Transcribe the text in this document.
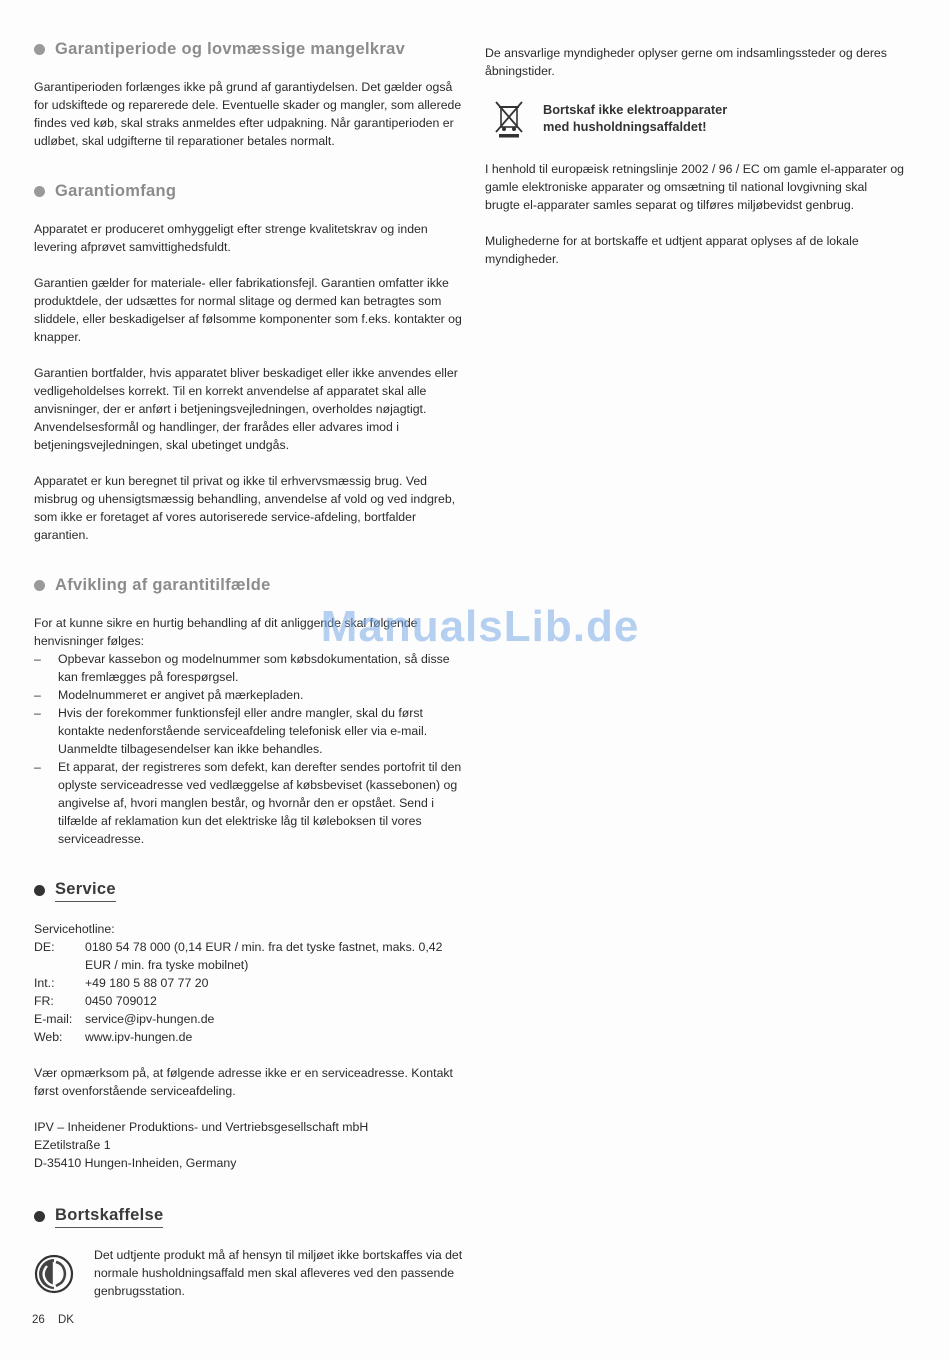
Garantiperiode og lovmæssige mangelkrav

Garantiperioden forlænges ikke på grund af garantiydelsen. Det gælder også for udskiftede og reparerede dele. Eventuelle skader og mangler, som allerede findes ved køb, skal straks anmeldes efter udpakning. Når garantiperioden er udløbet, skal udgifterne til reparationer betales normalt.

Garantiomfang

Apparatet er produceret omhyggeligt efter strenge kvalitetskrav og inden levering afprøvet samvittighedsfuldt.

Garantien gælder for materiale- eller fabrikationsfejl. Garantien omfatter ikke produktdele, der udsættes for normal slitage og dermed kan betragtes som sliddele, eller beskadigelser af følsomme komponenter som f.eks. kontakter og knapper.

Garantien bortfalder, hvis apparatet bliver beskadiget eller ikke anvendes eller vedligeholdelses korrekt. Til en korrekt anvendelse af apparatet skal alle anvisninger, der er anført i betjeningsvejledningen, overholdes nøjagtigt. Anvendelsesformål og handlinger, der frarådes eller advares imod i betjeningsvejledningen, skal ubetinget undgås.

Apparatet er kun beregnet til privat og ikke til erhvervsmæssig brug. Ved misbrug og uhensigtsmæssig behandling, anvendelse af vold og ved indgreb, som ikke er foretaget af vores autoriserede service-afdeling, bortfalder garantien.

Afvikling af garantitilfælde
For at kunne sikre en hurtig behandling af dit anliggende skal følgende henvisninger følges:
– Opbevar kassebon og modelnummer som købsdokumentation, så disse kan fremlægges på forespørgsel.
– Modelnummeret er angivet på mærkepladen.
– Hvis der forekommer funktionsfejl eller andre mangler, skal du først kontakte nedenforstående serviceafdeling telefonisk eller via e-mail. Uanmeldte tilbagesendelser kan ikke behandles.
– Et apparat, der registreres som defekt, kan derefter sendes portofrit til den oplyste serviceadresse ved vedlæggelse af købsbeviset (kassebonen) og angivelse af, hvori manglen består, og hvornår den er opstået. Send i tilfælde af reklamation kun det elektriske låg til køleboksen til vores serviceadresse.
Service
Servicehotline:
DE:	0180 54 78 000 (0,14 EUR / min. fra det tyske fastnet, maks. 0,42 EUR / min. fra tyske mobilnet)
Int.:	+49 180 5 88 07 77 20
FR:	0450 709012
E-mail:	service@ipv-hungen.de
Web:	www.ipv-hungen.de

Vær opmærksom på, at følgende adresse ikke er en serviceadresse. Kontakt først ovenforstående serviceafdeling.

IPV – Inheidener Produktions- und Vertriebsgesellschaft mbH
EZetilstraße 1
D-35410 Hungen-Inheiden, Germany
Bortskaffelse
Det udtjente produkt må af hensyn til miljøet ikke bortskaffes via det normale husholdningsaffald men skal afleveres ved den passende genbrugsstation.

De ansvarlige myndigheder oplyser gerne om indsamlingssteder og deres åbningstider.

Bortskaf ikke elektroapparater
med husholdningsaffaldet!

I henhold til europæisk retningslinje 2002 / 96 / EC om gamle el-apparater og gamle elektroniske apparater og omsætning til national lovgivning skal brugte el-apparater samles separat og tilføres miljøbevidst genbrug.

Mulighederne for at bortskaffe et udtjent apparat oplyses af de lokale myndigheder.

ManualsLib.de
26 DK
